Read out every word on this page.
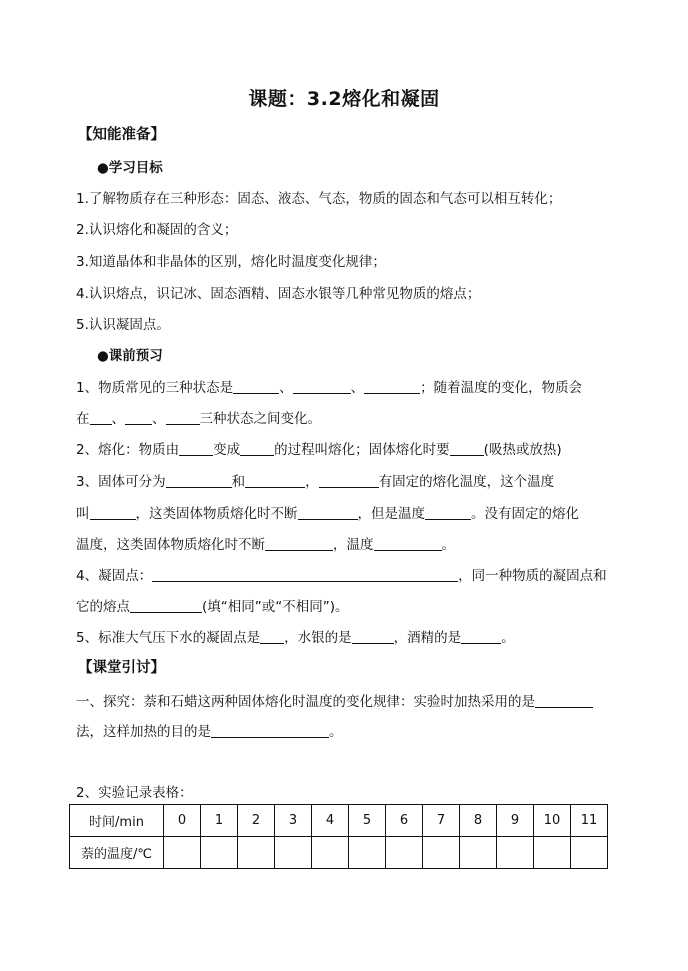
课题：3.2熔化和凝固
【知能准备】
●学习目标
1.了解物质存在三种形态：固态、液态、气态，物质的固态和气态可以相互转化；
2.认识熔化和凝固的含义；
3.知道晶体和非晶体的区别，熔化时温度变化规律；
4.认识熔点，识记冰、固态酒精、固态水银等几种常见物质的熔点；
5.认识凝固点。
●课前预习
1、物质常见的三种状态是	、	、	；随着温度的变化，物质会
在 、 、	三种状态之间变化。
2、熔化：物质由	变成	的过程叫熔化；固体熔化时要	(吸热或放热)
3、固体可分为	和	，	有固定的熔化温度，这个温度
叫	，这类固体物质熔化时不断	，但是温度	。没有固定的熔化
温度，这类固体物质熔化时不断	，温度	。
4、凝固点：	，同一种物质的凝固点和
它的熔点	(填“相同”或“不相同”)。
5、标准大气压下水的凝固点是 ，水银的是	，酒精的是	。
【课堂引讨】
一、探究：萘和石蜡这两种固体熔化时温度的变化规律：实验时加热采用的是
法，这样加热的目的是	。
2、实验记录表格：
时间/min	0	1	2	3	4	5	6	7	8	9	10	11
萘的温度/℃												
